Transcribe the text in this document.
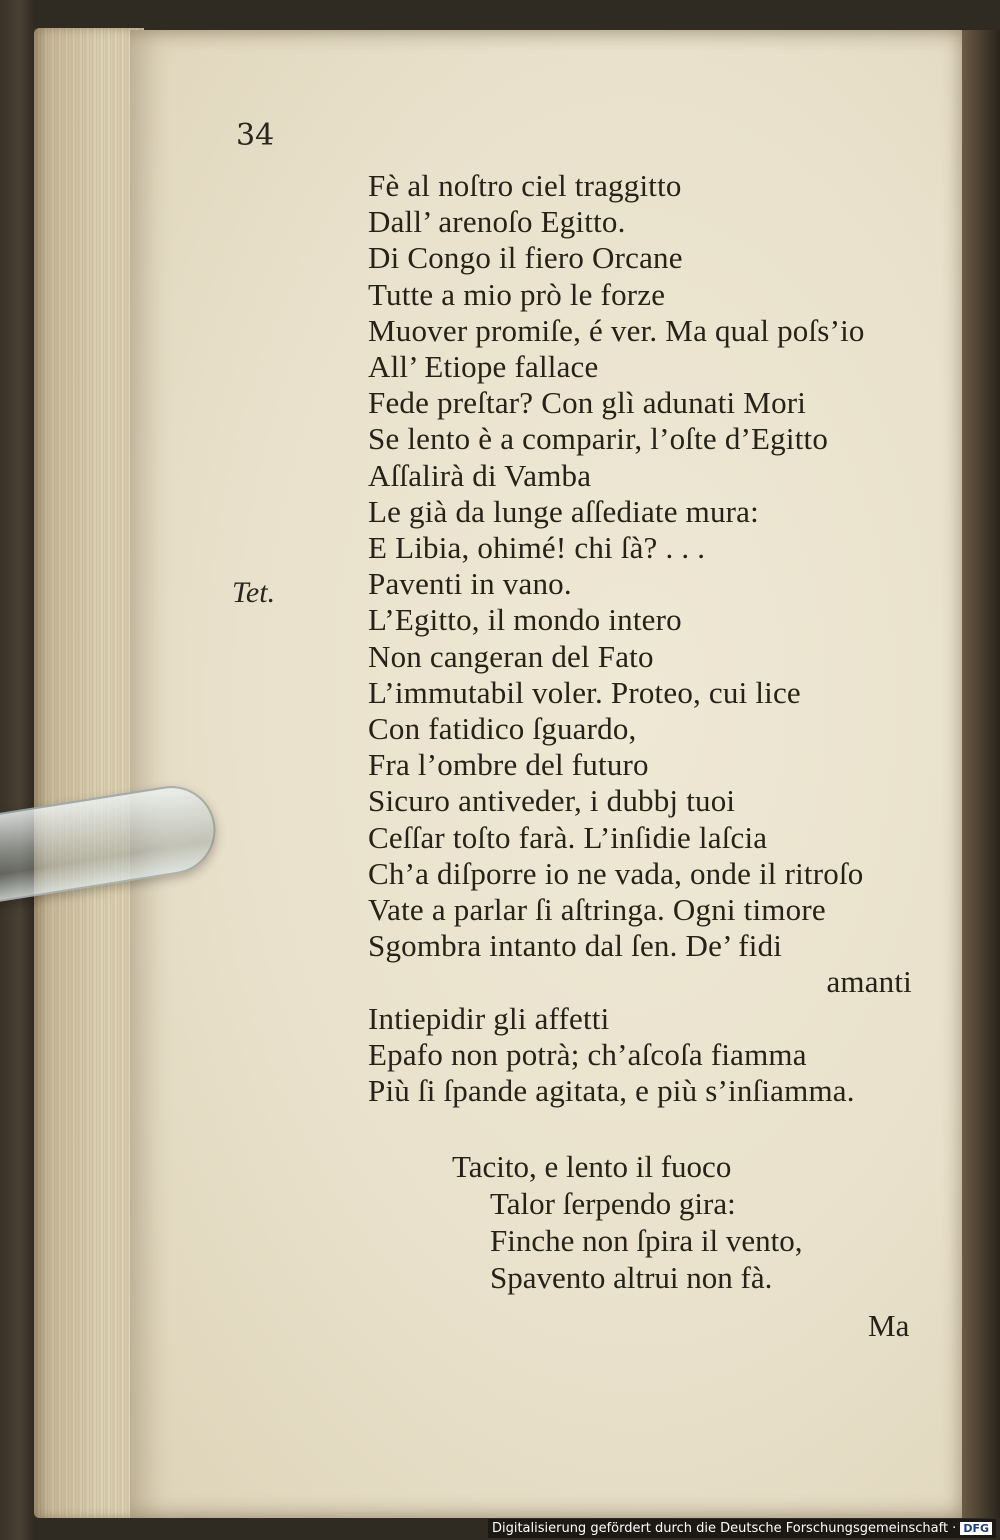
34
Tet.
Fè al noſtro ciel traggitto
Dall’ arenoſo Egitto.
Di Congo il fiero Orcane
Tutte a mio prò le forze
Muover promiſe, é ver. Ma qual poſs’io
All’ Etiope fallace
Fede preſtar? Con glì adunati Mori
Se lento è a comparir, l’oſte d’Egitto
Aſſalirà di Vamba
Le già da lunge aſſediate mura:
E Libia, ohimé! chi ſà? . . .
Paventi in vano.
L’Egitto, il mondo intero
Non cangeran del Fato
L’immutabil voler. Proteo, cui lice
Con fatidico ſguardo,
Fra l’ombre del futuro
Sicuro antiveder, i dubbj tuoi
Ceſſar toſto farà. L’inſidie laſcia
Ch’a diſporre io ne vada, onde il ritroſo
Vate a parlar ſi aſtringa. Ogni timore
Sgombra intanto dal ſen. De’ fidi
amanti
Intiepidir gli affetti
Epafo non potrà; ch’aſcoſa fiamma
Più ſi ſpande agitata, e più s’inſiamma.
Tacito, e lento il fuoco
Talor ſerpendo gira:
Finche non ſpira il vento,
Spavento altrui non fà.
Ma
Digitalisierung gefördert durch die Deutsche Forschungsgemeinschaft · DFG
